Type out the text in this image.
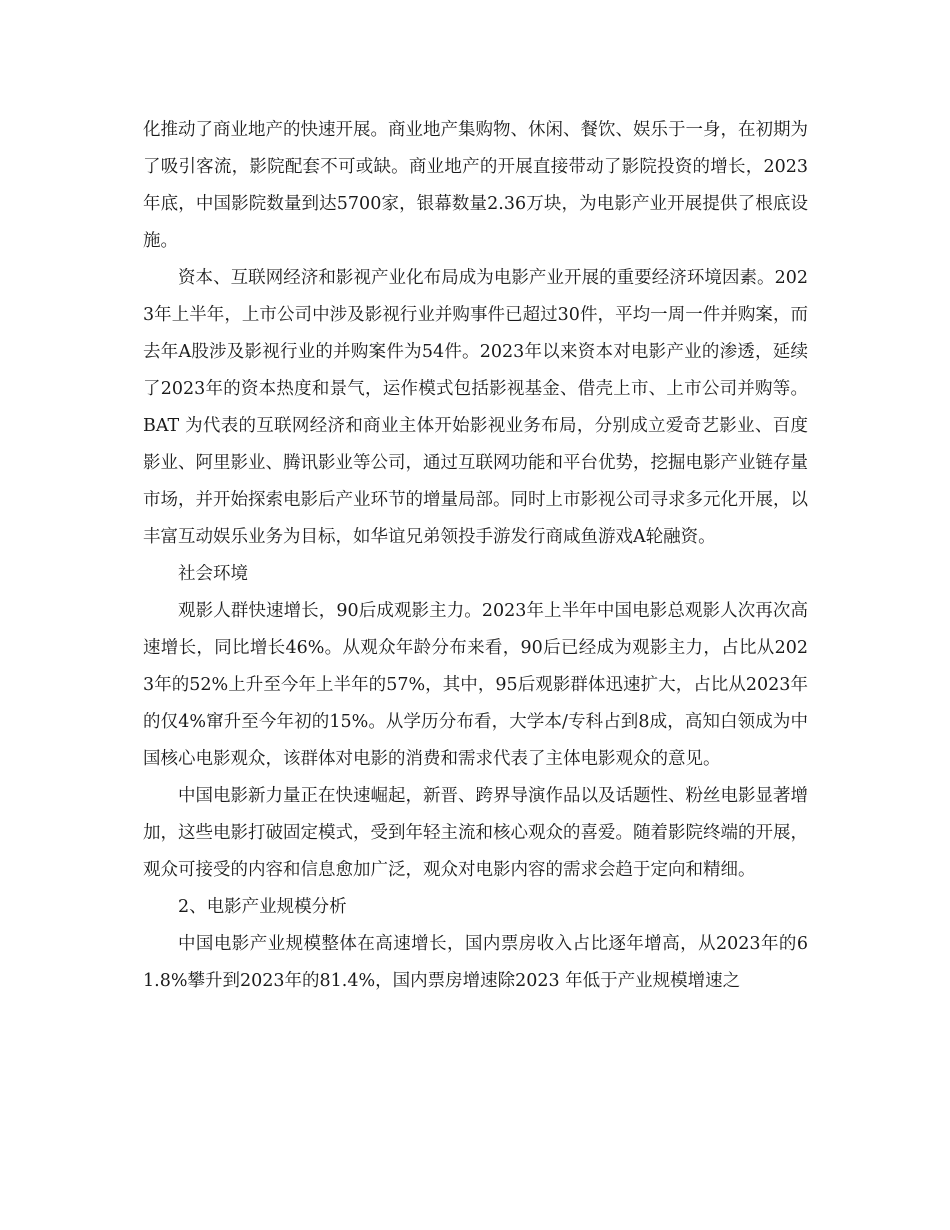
化推动了商业地产的快速开展。商业地产集购物、休闲、餐饮、娱乐于一身，在初期为了吸引客流，影院配套不可或缺。商业地产的开展直接带动了影院投资的增长，2023年底，中国影院数量到达5700家，银幕数量2.36万块，为电影产业开展提供了根底设施。

资本、互联网经济和影视产业化布局成为电影产业开展的重要经济环境因素。2023年上半年，上市公司中涉及影视行业并购事件已超过30件，平均一周一件并购案，而去年A股涉及影视行业的并购案件为54件。2023年以来资本对电影产业的渗透，延续了2023年的资本热度和景气，运作模式包括影视基金、借壳上市、上市公司并购等。BAT 为代表的互联网经济和商业主体开始影视业务布局，分别成立爱奇艺影业、百度影业、阿里影业、腾讯影业等公司，通过互联网功能和平台优势，挖掘电影产业链存量市场，并开始探索电影后产业环节的增量局部。同时上市影视公司寻求多元化开展，以丰富互动娱乐业务为目标，如华谊兄弟领投手游发行商咸鱼游戏A轮融资。

社会环境

观影人群快速增长，90后成观影主力。2023年上半年中国电影总观影人次再次高速增长，同比增长46%。从观众年龄分布来看，90后已经成为观影主力，占比从2023年的52%上升至今年上半年的57%，其中，95后观影群体迅速扩大，占比从2023年的仅4%窜升至今年初的15%。从学历分布看，大学本/专科占到8成，高知白领成为中国核心电影观众，该群体对电影的消费和需求代表了主体电影观众的意见。

中国电影新力量正在快速崛起，新晋、跨界导演作品以及话题性、粉丝电影显著增加，这些电影打破固定模式，受到年轻主流和核心观众的喜爱。随着影院终端的开展，观众可接受的内容和信息愈加广泛，观众对电影内容的需求会趋于定向和精细。

2、电影产业规模分析

中国电影产业规模整体在高速增长，国内票房收入占比逐年增高，从2023年的61.8%攀升到2023年的81.4%，国内票房增速除2023 年低于产业规模增速之
